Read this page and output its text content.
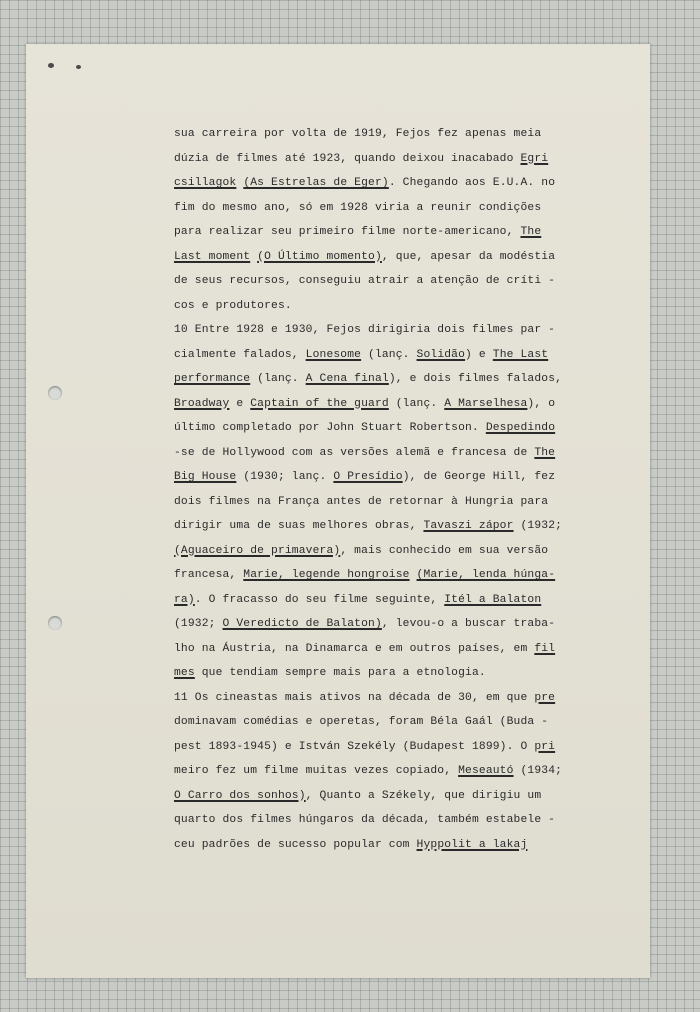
sua carreira por volta de 1919, Fejos fez apenas meia
dúzia de filmes até 1923, quando deixou inacabado Egri
csillagok (As Estrelas de Eger). Chegando aos E.U.A. no
fim do mesmo ano, só em 1928 viria a reunir condições
para realizar seu primeiro filme norte-americano, The
Last moment (O Último momento), que, apesar da modéstia
de seus recursos, conseguiu atrair a atenção de críti -
cos e produtores.
10 Entre 1928 e 1930, Fejos dirigiria dois filmes par -
cialmente falados, Lonesome (lanç. Solidão) e The Last
performance (lanç. A Cena final), e dois filmes falados,
Broadway e Captain of the guard (lanç. A Marselhesa), o
último completado por John Stuart Robertson. Despedindo
-se de Hollywood com as versões alemã e francesa de The
Big House (1930; lanç. O Presídio), de George Hill, fez
dois filmes na França antes de retornar à Hungria para
dirigir uma de suas melhores obras, Tavaszi zápor (1932;
(Aguaceiro de primavera), mais conhecido em sua versão
francesa, Marie, legende hongroise (Marie, lenda húnga-
ra). O fracasso do seu filme seguinte, Itél a Balaton
(1932; O Veredicto de Balaton), levou-o a buscar traba-
lho na Áustria, na Dinamarca e em outros países, em fil
mes que tendiam sempre mais para a etnologia.
11 Os cineastas mais ativos na década de 30, em que pre
dominavam comédias e operetas, foram Béla Gaál (Buda -
pest 1893-1945) e István Szekély (Budapest 1899). O pri
meiro fez um filme muitas vezes copiado, Meseautó (1934;
O Carro dos sonhos), Quanto a Székely, que dirigiu um
quarto dos filmes húngaros da década, também estabele -
ceu padrões de sucesso popular com Hyppolit a lakaj
